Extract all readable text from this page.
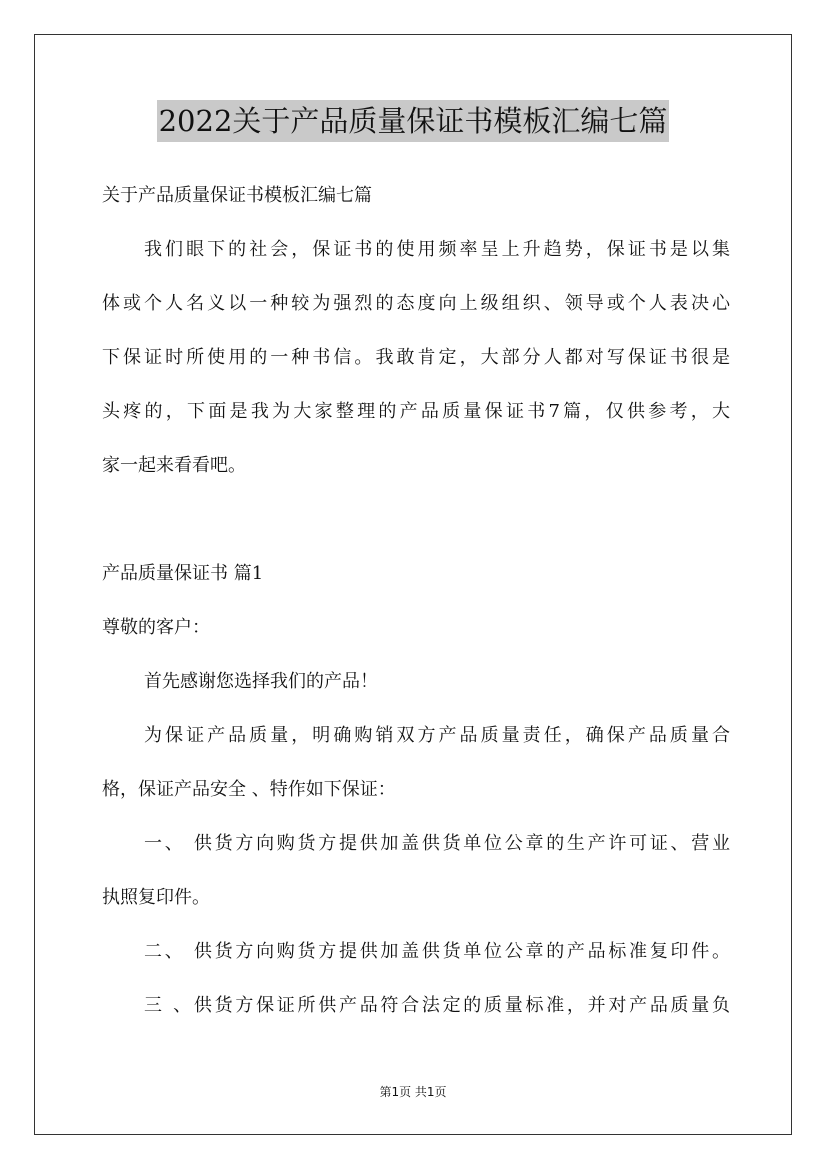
2022关于产品质量保证书模板汇编七篇
关于产品质量保证书模板汇编七篇
我们眼下的社会，保证书的使用频率呈上升趋势，保证书是以集
体或个人名义以一种较为强烈的态度向上级组织、领导或个人表决心
下保证时所使用的一种书信。我敢肯定，大部分人都对写保证书很是
头疼的，下面是我为大家整理的产品质量保证书7篇，仅供参考，大
家一起来看看吧。
产品质量保证书 篇1
尊敬的客户：
首先感谢您选择我们的产品！
为保证产品质量，明确购销双方产品质量责任，确保产品质量合
格，保证产品安全 、特作如下保证：
一、 供货方向购货方提供加盖供货单位公章的生产许可证、营业
执照复印件。
二、 供货方向购货方提供加盖供货单位公章的产品标准复印件。
三 、供货方保证所供产品符合法定的质量标准，并对产品质量负
第1页 共1页
